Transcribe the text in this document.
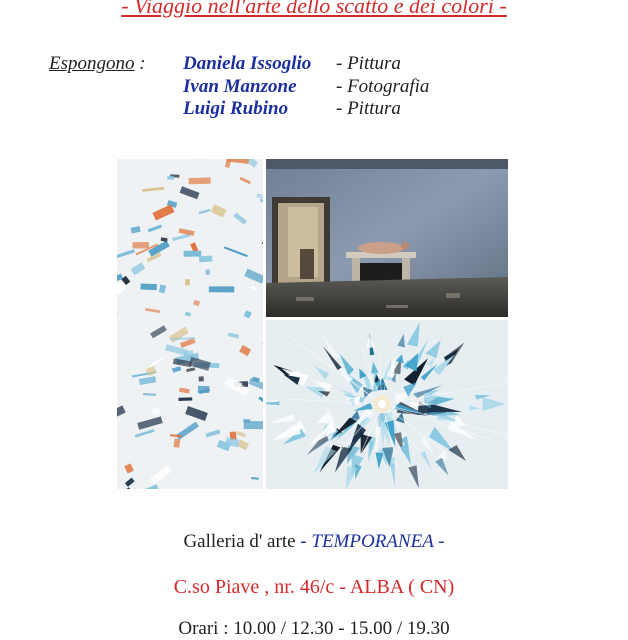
- Viaggio nell'arte dello scatto e dei colori -
Espongono : Daniela Issoglio	- Pittura
Ivan Manzone	- Fotografia
Luigi Rubino	- Pittura
Galleria d' arte - TEMPORANEA -
C.so Piave , nr. 46/c - ALBA ( CN)
Orari : 10.00 / 12.30 - 15.00 / 19.30
